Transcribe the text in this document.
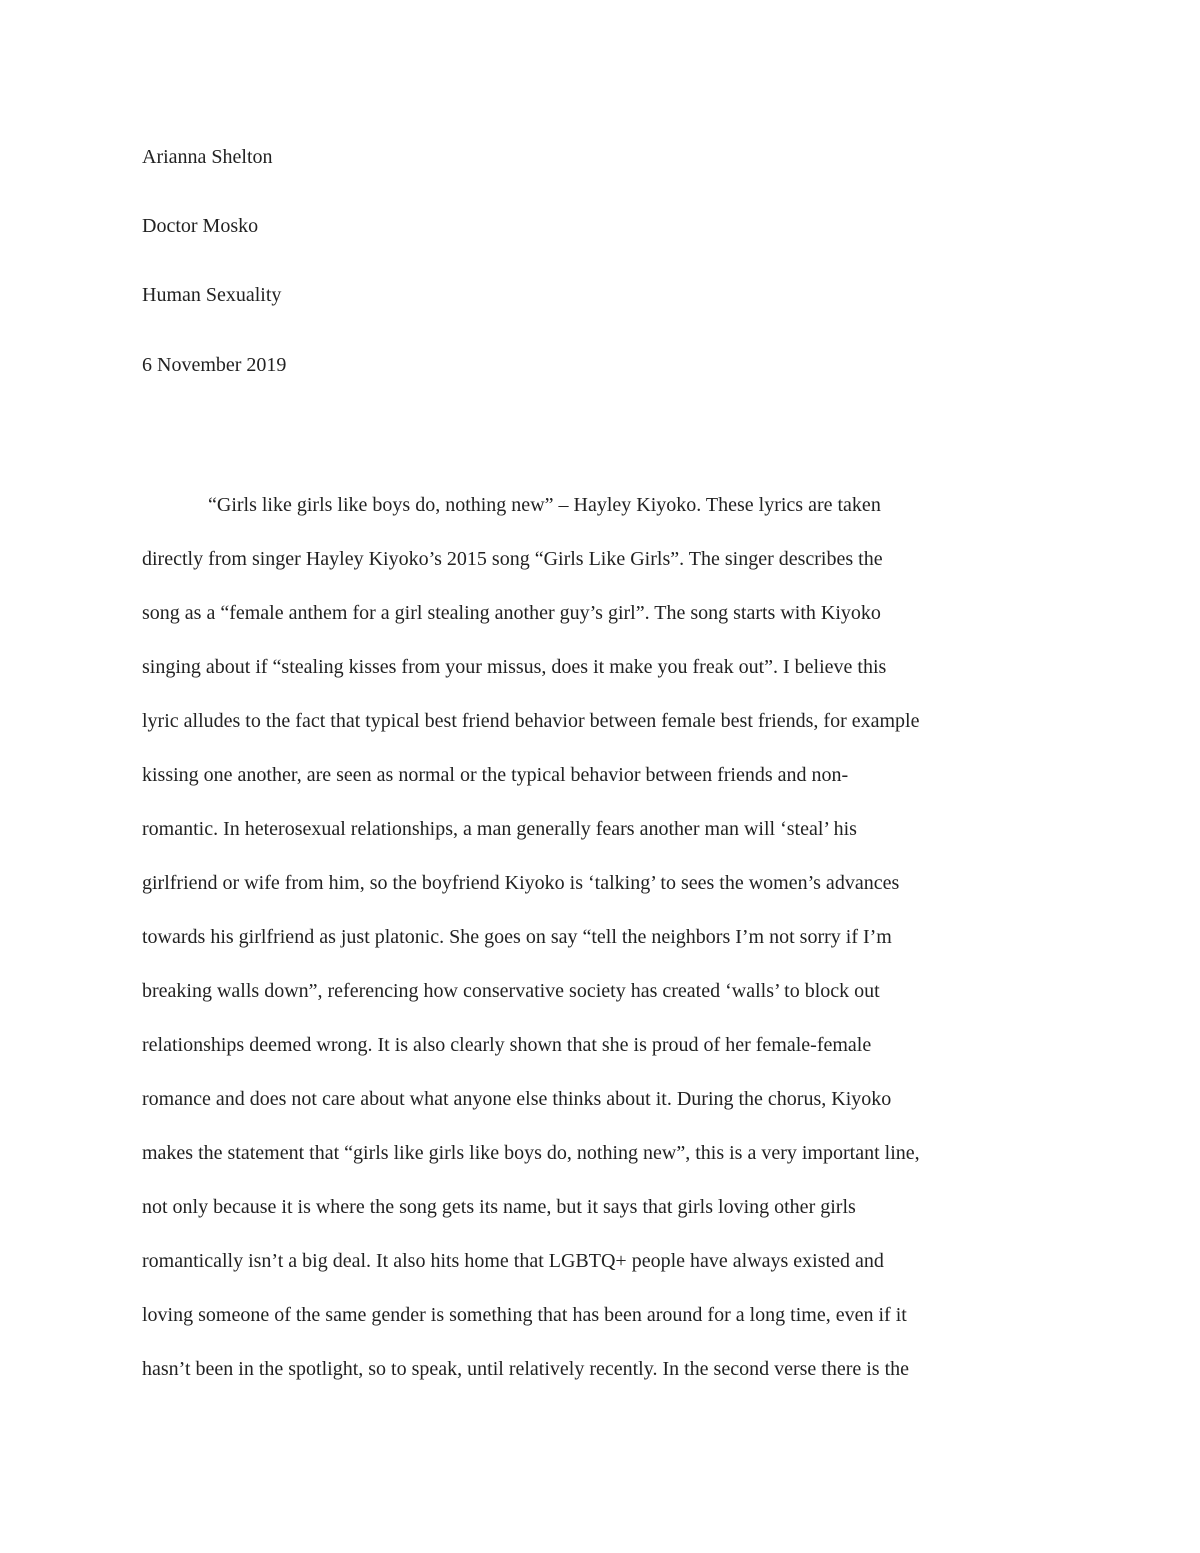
Arianna Shelton
Doctor Mosko
Human Sexuality
6 November 2019
“Girls like girls like boys do, nothing new” – Hayley Kiyoko. These lyrics are taken
directly from singer Hayley Kiyoko’s 2015 song “Girls Like Girls”. The singer describes the
song as a “female anthem for a girl stealing another guy’s girl”. The song starts with Kiyoko
singing about if “stealing kisses from your missus, does it make you freak out”. I believe this
lyric alludes to the fact that typical best friend behavior between female best friends, for example
kissing one another, are seen as normal or the typical behavior between friends and non-
romantic. In heterosexual relationships, a man generally fears another man will ‘steal’ his
girlfriend or wife from him, so the boyfriend Kiyoko is ‘talking’ to sees the women’s advances
towards his girlfriend as just platonic. She goes on say “tell the neighbors I’m not sorry if I’m
breaking walls down”, referencing how conservative society has created ‘walls’ to block out
relationships deemed wrong. It is also clearly shown that she is proud of her female-female
romance and does not care about what anyone else thinks about it. During the chorus, Kiyoko
makes the statement that “girls like girls like boys do, nothing new”, this is a very important line,
not only because it is where the song gets its name, but it says that girls loving other girls
romantically isn’t a big deal. It also hits home that LGBTQ+ people have always existed and
loving someone of the same gender is something that has been around for a long time, even if it
hasn’t been in the spotlight, so to speak, until relatively recently. In the second verse there is the
